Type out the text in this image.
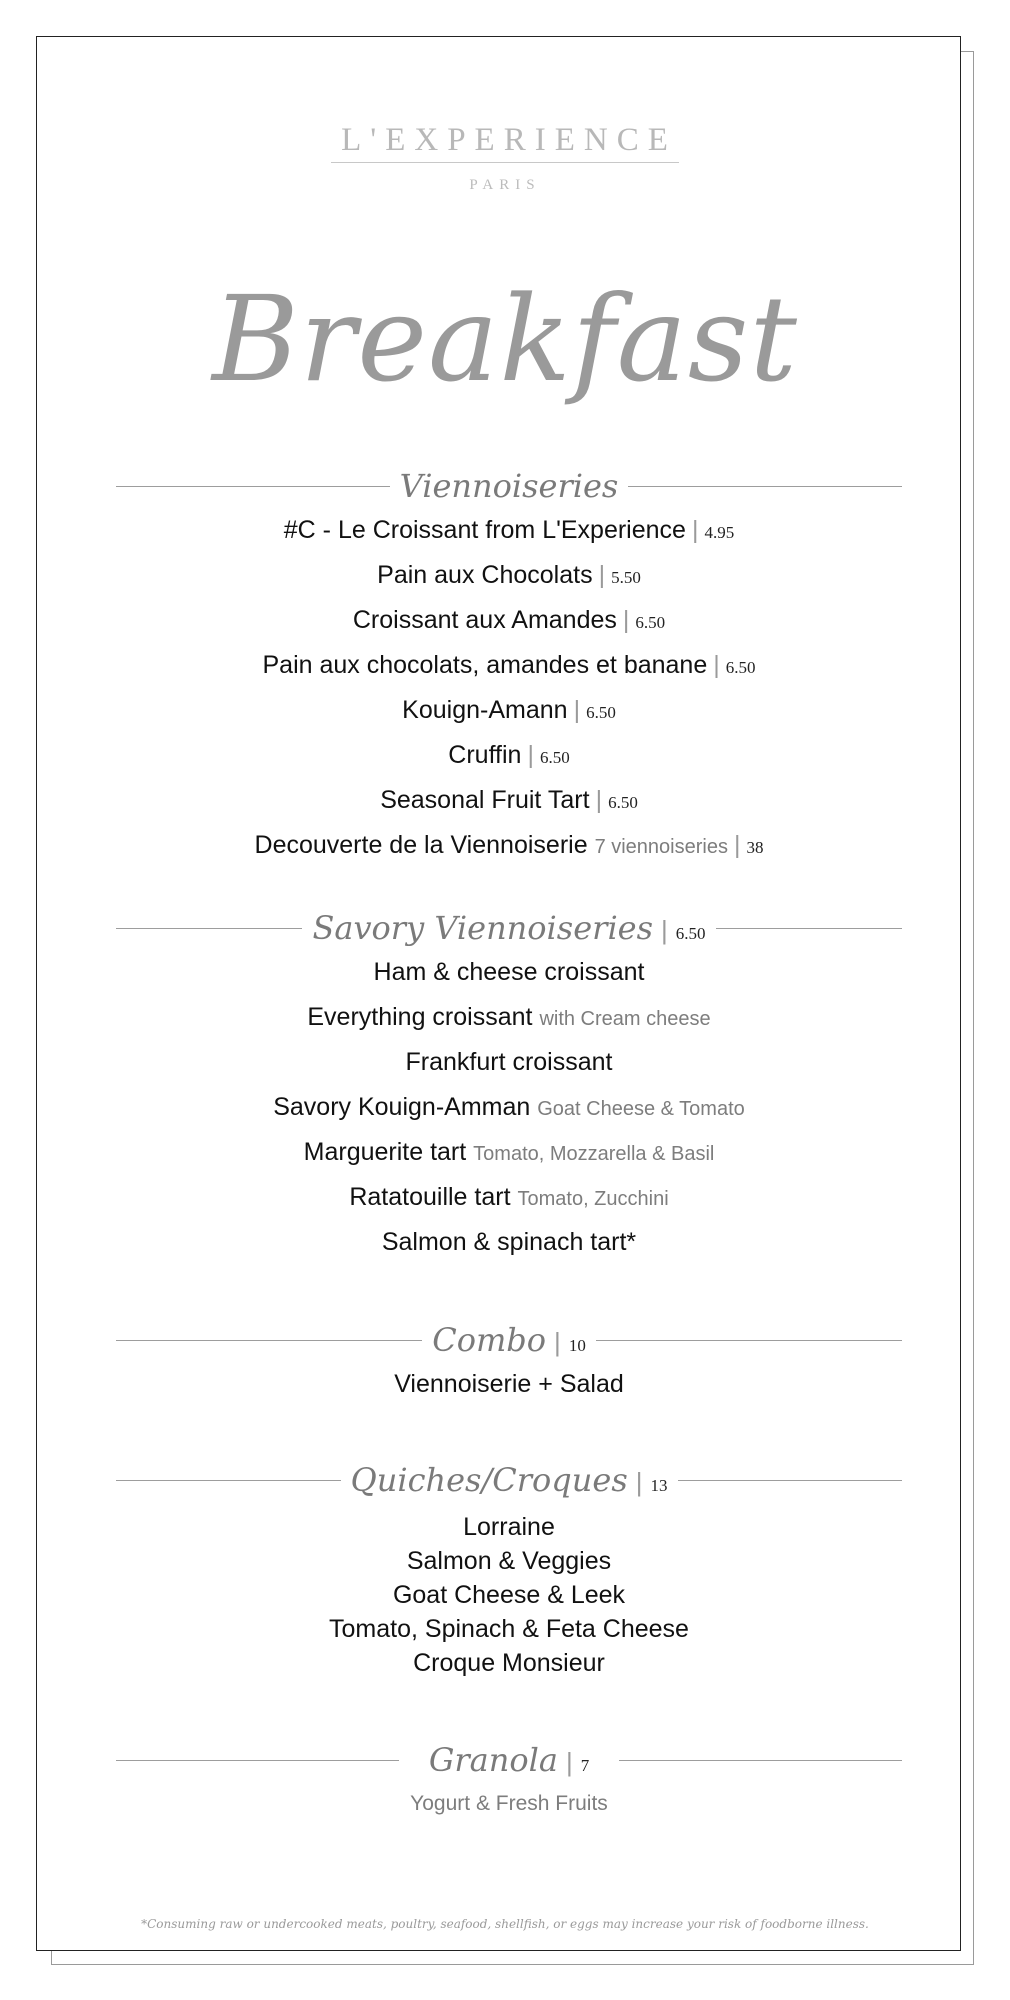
L'EXPERIENCE
PARIS
Breakfast
Viennoiseries
#C - Le Croissant from L'Experience | 4.95
Pain aux Chocolats | 5.50
Croissant aux Amandes | 6.50
Pain aux chocolats, amandes et banane | 6.50
Kouign-Amann | 6.50
Cruffin | 6.50
Seasonal Fruit Tart | 6.50
Decouverte de la Viennoiserie 7 viennoiseries | 38
Savory Viennoiseries | 6.50
Ham & cheese croissant
Everything croissant with Cream cheese
Frankfurt croissant
Savory Kouign-Amman Goat Cheese & Tomato
Marguerite tart Tomato, Mozzarella & Basil
Ratatouille tart Tomato, Zucchini
Salmon & spinach tart*
Combo | 10
Viennoiserie + Salad
Quiches/Croques | 13
Lorraine
Salmon & Veggies
Goat Cheese & Leek
Tomato, Spinach & Feta Cheese
Croque Monsieur
Granola | 7
Yogurt & Fresh Fruits
*Consuming raw or undercooked meats, poultry, seafood, shellfish, or eggs may increase your risk of foodborne illness.
